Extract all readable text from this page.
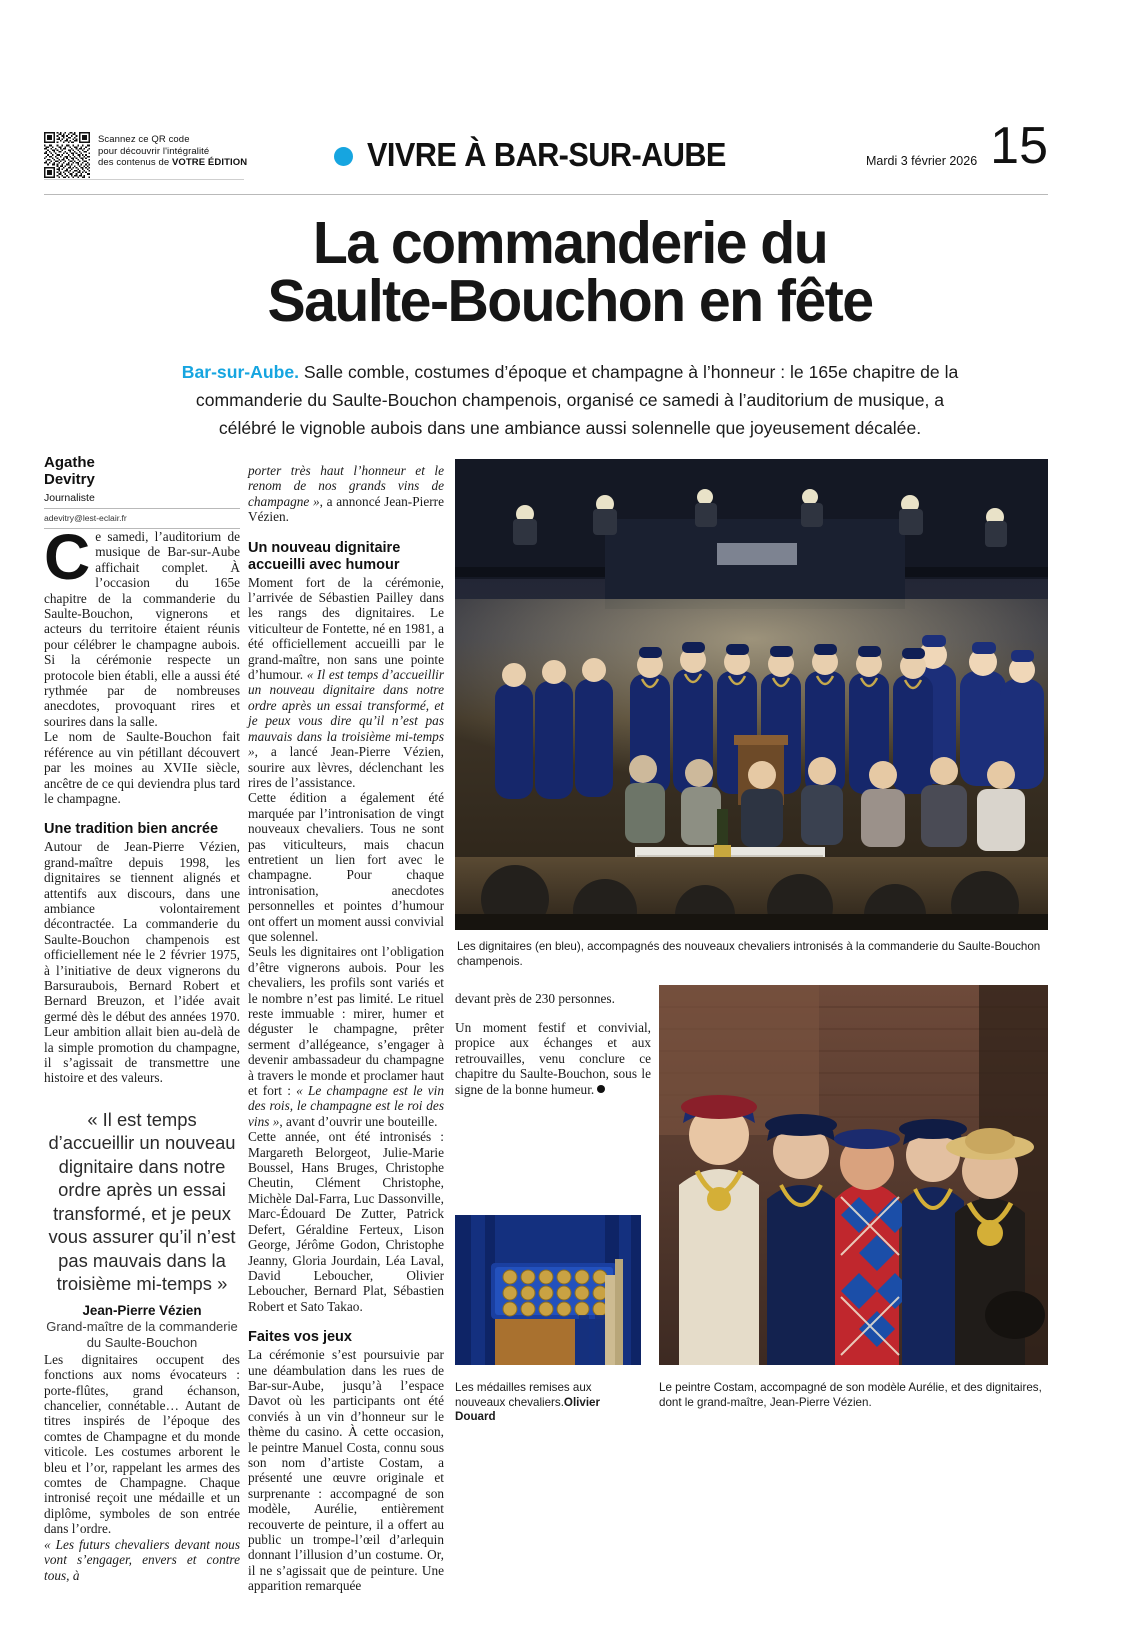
Scannez ce QR code
pour découvrir l'intégralité
des contenus de VOTRE ÉDITION	VIVRE À BAR-SUR-AUBE	Mardi 3 février 2026 15
La commanderie du
Saulte-Bouchon en fête
Bar-sur-Aube. Salle comble, costumes d’époque et champagne à l’honneur : le 165e chapitre de la commanderie du Saulte-Bouchon champenois, organisé ce samedi à l’auditorium de musique, a célébré le vignoble aubois dans une ambiance aussi solennelle que joyeusement décalée.
Agathe
Devitry
Journaliste
adevitry@lest-eclair.fr

Ce samedi, l’auditorium de musique de Bar-sur-Aube affichait complet. À l’occasion du 165e chapitre de la commanderie du Saulte-Bouchon, vignerons et acteurs du territoire étaient réunis pour célébrer le champagne aubois. Si la cérémonie respecte un protocole bien établi, elle a aussi été rythmée par de nombreuses anecdotes, provoquant rires et sourires dans la salle.

Le nom de Saulte-Bouchon fait référence au vin pétillant découvert par les moines au XVIIe siècle, ancêtre de ce qui deviendra plus tard le champagne.

Une tradition bien ancrée

Autour de Jean-Pierre Vézien, grand-maître depuis 1998, les dignitaires se tiennent alignés et attentifs aux discours, dans une ambiance volontairement décontractée. La commanderie du Saulte-Bouchon champenois est officiellement née le 2 février 1975, à l’initiative de deux vignerons du Barsuraubois, Bernard Robert et Bernard Breuzon, et l’idée avait germé dès le début des années 1970. Leur ambition allait bien au-delà de la simple promotion du champagne, il s’agissait de transmettre une histoire et des valeurs.

« Il est temps d’accueillir un nouveau dignitaire dans notre ordre après un essai transformé, et je peux vous assurer qu’il n’est pas mauvais dans la troisième mi-temps »
Jean-Pierre Vézien
Grand-maître de la commanderie du Saulte-Bouchon

Les dignitaires occupent des fonctions aux noms évocateurs : porte-flûtes, grand échanson, chancelier, connétable… Autant de titres inspirés de l’époque des comtes de Champagne et du monde viticole. Les costumes arborent le bleu et l’or, rappelant les armes des comtes de Champagne. Chaque intronisé reçoit une médaille et un diplôme, symboles de son entrée dans l’ordre.

« Les futurs chevaliers devant nous vont s’engager, envers et contre tous, à

porter très haut l’honneur et le renom de nos grands vins de champagne », a annoncé Jean-Pierre Vézien.

Un nouveau dignitaire
accueilli avec humour

Moment fort de la cérémonie, l’arrivée de Sébastien Pailley dans les rangs des dignitaires. Le viticulteur de Fontette, né en 1981, a été officiellement accueilli par le grand-maître, non sans une pointe d’humour. « Il est temps d’accueillir un nouveau dignitaire dans notre ordre après un essai transformé, et je peux vous dire qu’il n’est pas mauvais dans la troisième mi-temps », a lancé Jean-Pierre Vézien, sourire aux lèvres, déclenchant les rires de l’assistance.

Cette édition a également été marquée par l’intronisation de vingt nouveaux chevaliers. Tous ne sont pas viticulteurs, mais chacun entretient un lien fort avec le champagne. Pour chaque intronisation, anecdotes personnelles et pointes d’humour ont offert un moment aussi convivial que solennel.

Seuls les dignitaires ont l’obligation d’être vignerons aubois. Pour les chevaliers, les profils sont variés et le nombre n’est pas limité. Le rituel reste immuable : mirer, humer et déguster le champagne, prêter serment d’allégeance, s’engager à devenir ambassadeur du champagne à travers le monde et proclamer haut et fort : « Le champagne est le vin des rois, le champagne est le roi des vins », avant d’ouvrir une bouteille.

Cette année, ont été intronisés : Margareth Belorgeot, Julie-Marie Boussel, Hans Bruges, Christophe Cheutin, Clément Christophe, Michèle Dal-Farra, Luc Dassonville, Marc-Édouard De Zutter, Patrick Defert, Géraldine Ferteux, Lison George, Jérôme Godon, Christophe Jeanny, Gloria Jourdain, Léa Laval, David Leboucher, Olivier Leboucher, Bernard Plat, Sébastien Robert et Sato Takao.

Faites vos jeux

La cérémonie s’est poursuivie par une déambulation dans les rues de Bar-sur-Aube, jusqu’à l’espace Davot où les participants ont été conviés à un vin d’honneur sur le thème du casino. À cette occasion, le peintre Manuel Costa, connu sous son nom d’artiste Costam, a présenté une œuvre originale et surprenante : accompagné de son modèle, Aurélie, entièrement recouverte de peinture, il a offert au public un trompe-l’œil d’arlequin donnant l’illusion d’un costume. Or, il ne s’agissait que de peinture. Une apparition remarquée

devant près de 230 personnes.

Un moment festif et convivial, propice aux échanges et aux retrouvailles, venu conclure ce chapitre du Saulte-Bouchon, sous le signe de la bonne humeur.

Les dignitaires (en bleu), accompagnés des nouveaux chevaliers intronisés à la commanderie du Saulte-Bouchon champenois.
Le peintre Costam, accompagné de son modèle Aurélie, et des dignitaires, dont le grand-maître, Jean-Pierre Vézien.
Les médailles remises aux nouveaux chevaliers.Olivier Douard
